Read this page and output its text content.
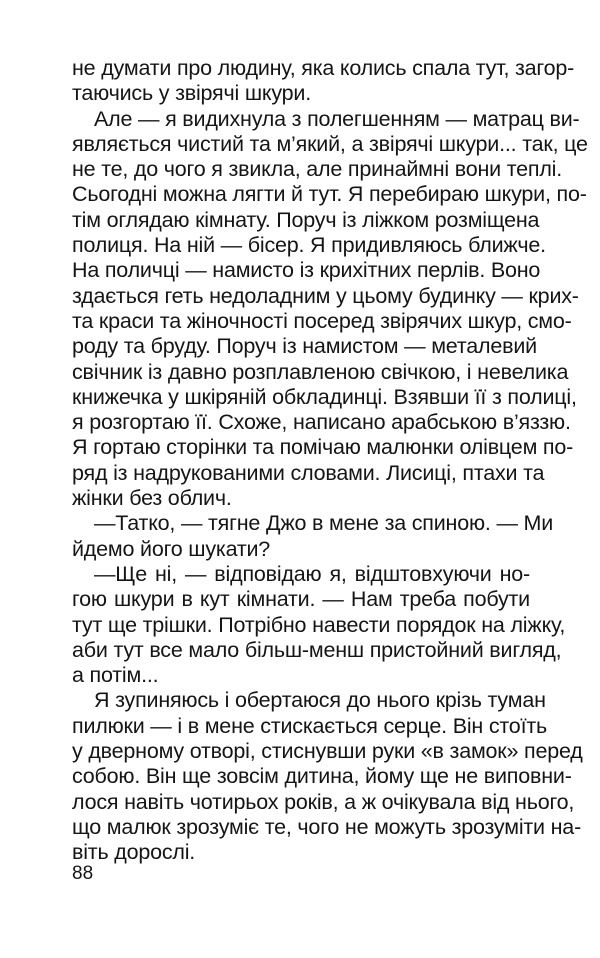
не думати про людину, яка колись спала тут, загор-
таючись у звірячі шкури.
Але — я видихнула з полегшенням — матрац ви-
являється чистий та м’який, а звірячі шкури... так, це
не те, до чого я звикла, але принаймні вони теплі.
Сьогодні можна лягти й тут. Я перебираю шкури, по-
тім оглядаю кімнату. Поруч із ліжком розміщена
полиця. На ній — бісер. Я придивляюсь ближче.
На поличці — намисто із крихітних перлів. Воно
здається геть недоладним у цьому будинку — крих-
та краси та жіночності посеред звірячих шкур, смо-
роду та бруду. Поруч із намистом — металевий
свічник із давно розплавленою свічкою, і невелика
книжечка у шкіряній обкладинці. Взявши її з полиці,
я розгортаю її. Схоже, написано арабською в’яззю.
Я гортаю сторінки та помічаю малюнки олівцем по-
ряд із надрукованими словами. Лисиці, птахи та
жінки без облич.
—Татко, — тягне Джо в мене за спиною. — Ми
йдемо його шукати?
—Ще ні, — відповідаю я, відштовхуючи но-
гою шкури в кут кімнати. — Нам треба побути
тут ще трішки. Потрібно навести порядок на ліжку,
аби тут все мало більш-менш пристойний вигляд,
а потім...
Я зупиняюсь і обертаюся до нього крізь туман
пилюки — і в мене стискається серце. Він стоїть
у дверному отворі, стиснувши руки «в замок» перед
собою. Він ще зовсім дитина, йому ще не виповни-
лося навіть чотирьох років, а ж очікувала від нього,
що малюк зрозуміє те, чого не можуть зрозуміти на-
віть дорослі.
88
